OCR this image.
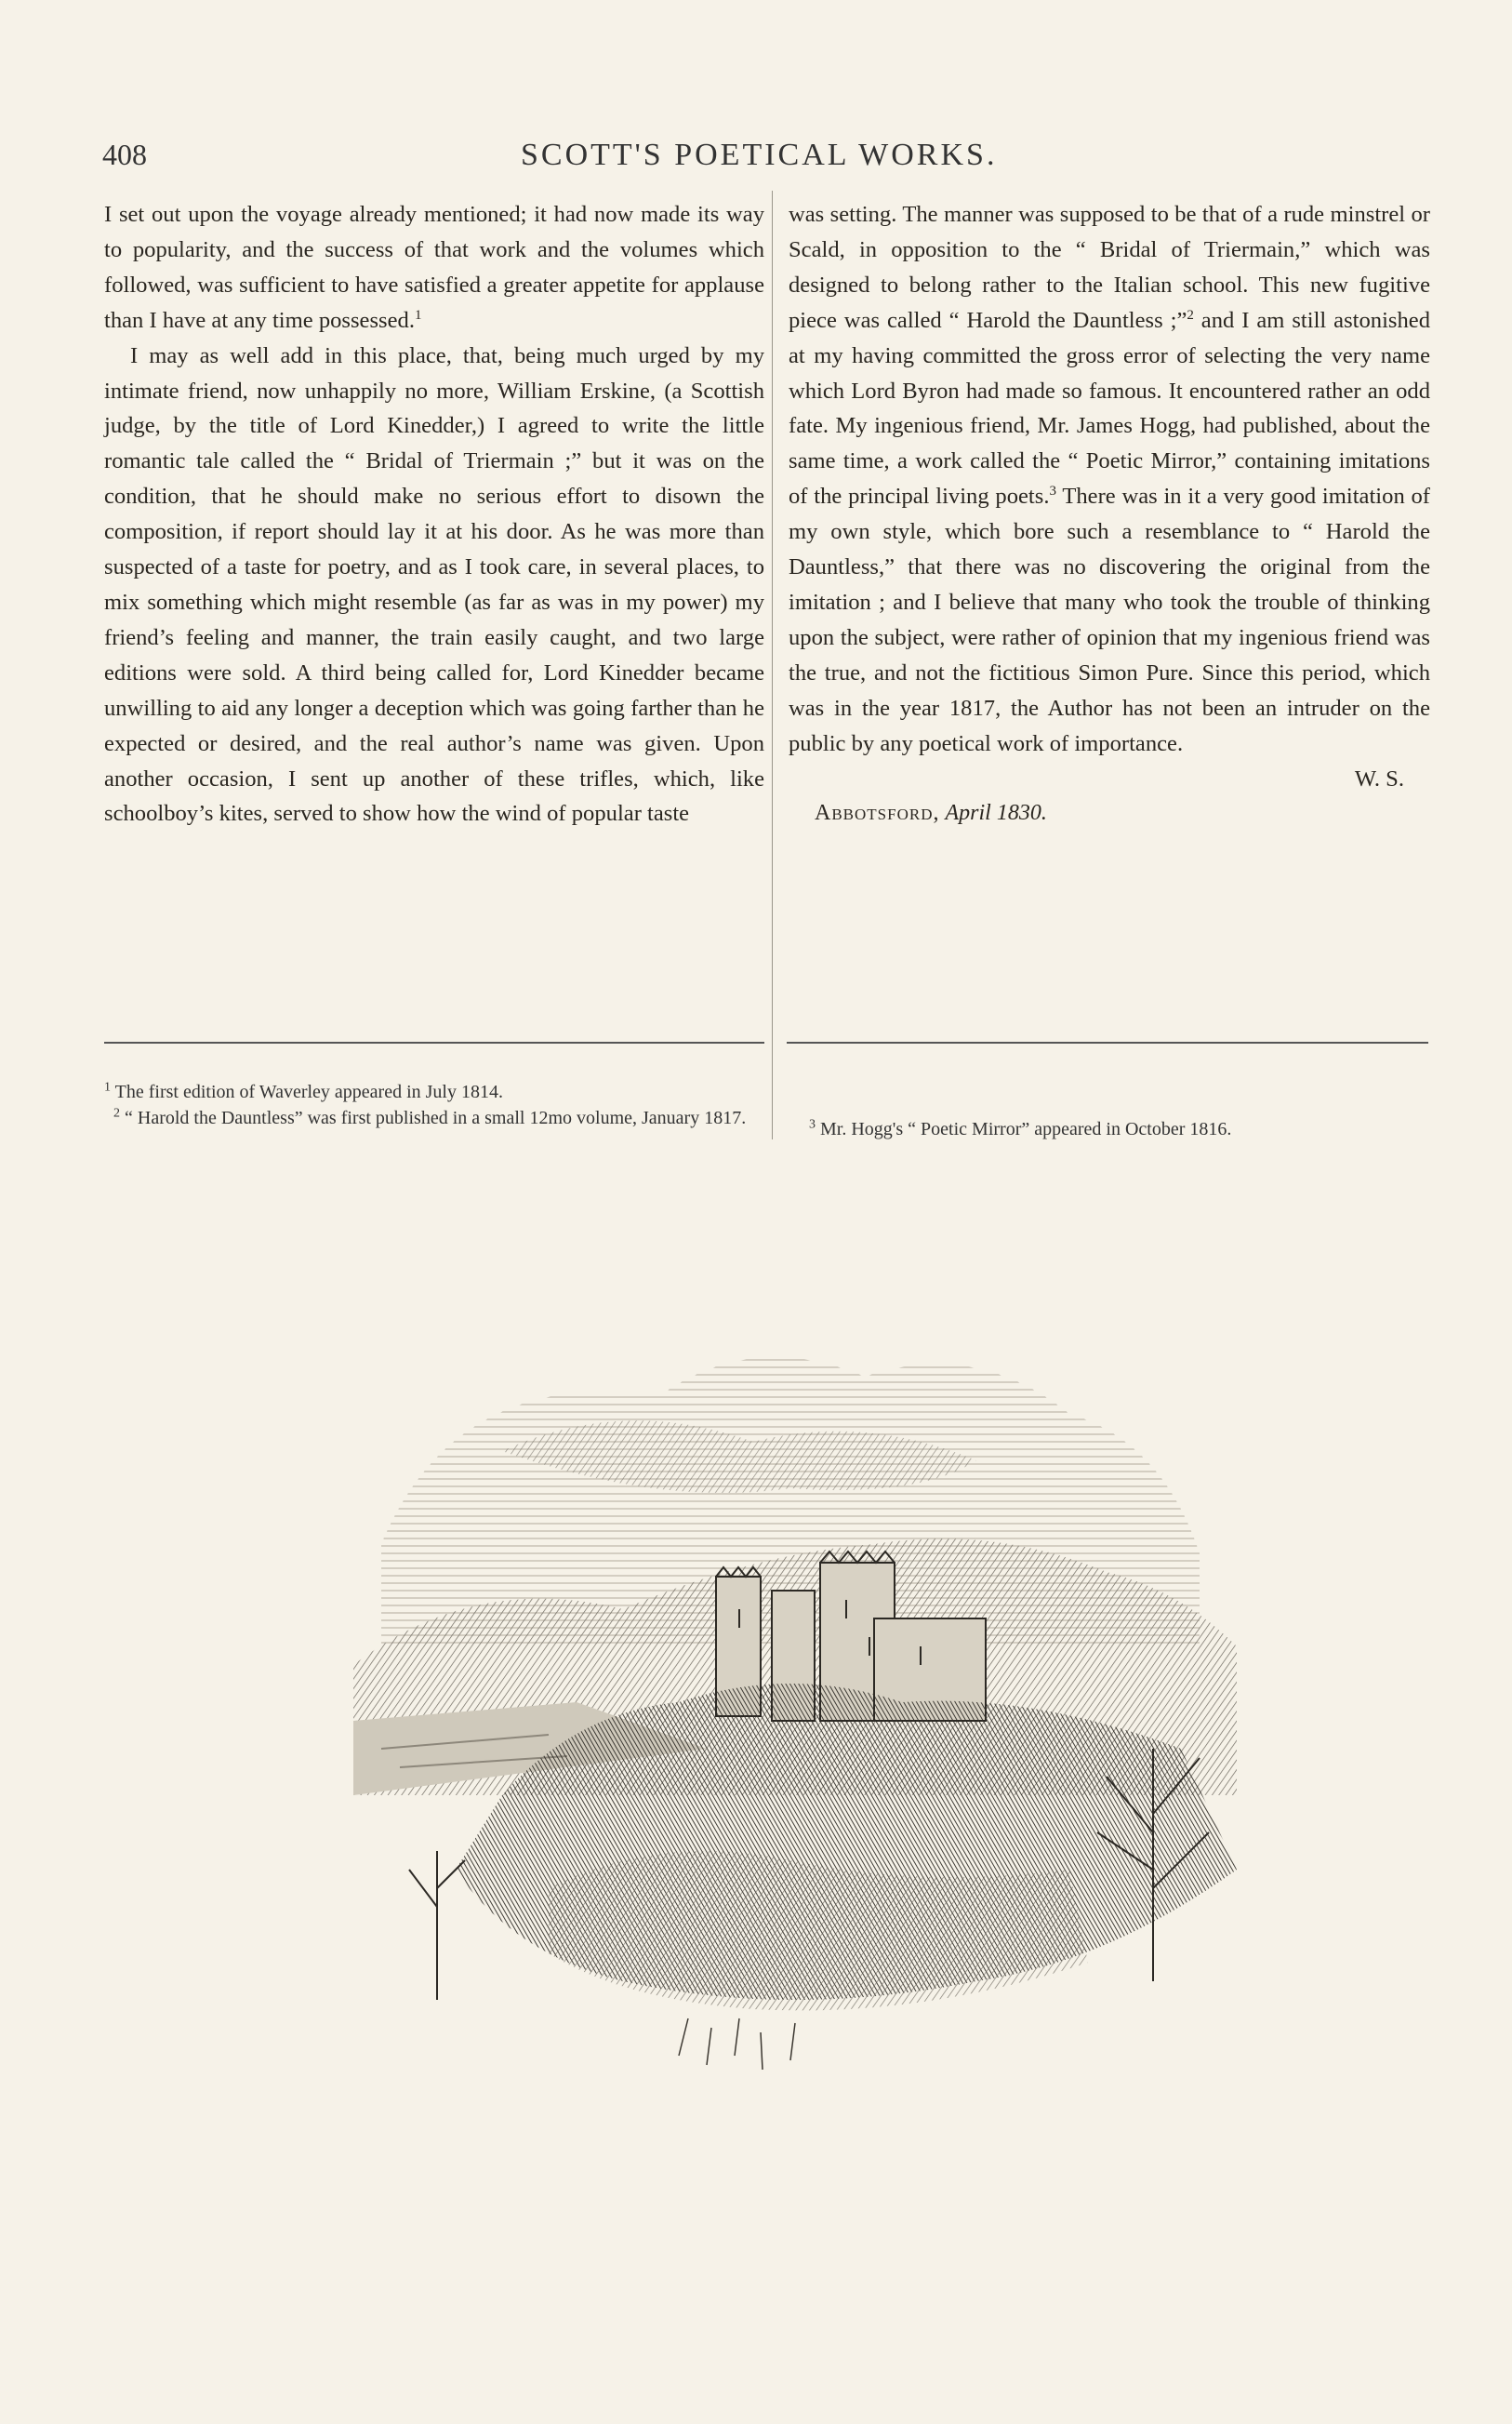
408	SCOTT'S POETICAL WORKS.

I set out upon the voyage already mentioned; it had now made its way to popularity, and the success of that work and the volumes which followed, was sufficient to have satisfied a greater appetite for applause than I have at any time possessed.$^1$

I may as well add in this place, that, being much urged by my intimate friend, now unhappily no more, William Erskine, (a Scottish judge, by the title of Lord Kinedder,) I agreed to write the little romantic tale called the “ Bridal of Triermain ;” but it was on the condition, that he should make no serious effort to disown the composition, if report should lay it at his door. As he was more than suspected of a taste for poetry, and as I took care, in several places, to mix something which might resemble (as far as was in my power) my friend’s feeling and manner, the train easily caught, and two large editions were sold. A third being called for, Lord Kinedder became unwilling to aid any longer a deception which was going farther than he expected or desired, and the real author’s name was given. Upon another occasion, I sent up another of these trifles, which, like schoolboy’s kites, served to show how the wind of popular taste

was setting. The manner was supposed to be that of a rude minstrel or Scald, in opposition to the “ Bridal of Triermain,” which was designed to belong rather to the Italian school. This new fugitive piece was called “ Harold the Dauntless ;”$^2$ and I am still astonished at my having committed the gross error of selecting the very name which Lord Byron had made so famous. It encountered rather an odd fate. My ingenious friend, Mr. James Hogg, had published, about the same time, a work called the “ Poetic Mirror,” containing imitations of the principal living poets.$^3$ There was in it a very good imitation of my own style, which bore such a resemblance to “ Harold the Dauntless,” that there was no discovering the original from the imitation ; and I believe that many who took the trouble of thinking upon the subject, were rather of opinion that my ingenious friend was the true, and not the fictitious Simon Pure. Since this period, which was in the year 1817, the Author has not been an intruder on the public by any poetical work of importance.

W. S.

Abbotsford, April 1830.

$^1$ The first edition of Waverley appeared in July 1814.
$^2$ “ Harold the Dauntless” was first published in a small 12mo volume, January 1817.	$^3$ Mr. Hogg's “ Poetic Mirror” appeared in October 1816.
